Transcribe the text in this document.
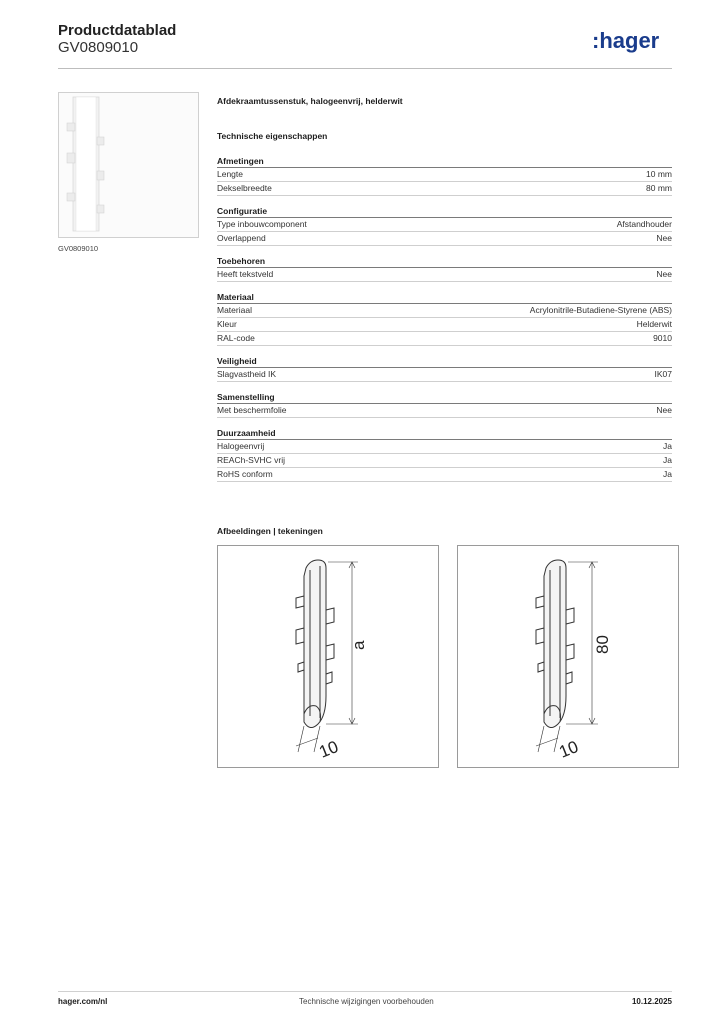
Productdatablad
GV0809010	:hager
GV0809010
Afdekraamtussenstuk, halogeenvrij, helderwit
Technische eigenschappen
Afmetingen
Lengte	10 mm
Dekselbreedte	80 mm
Configuratie
Type inbouwcomponent	Afstandhouder
Overlappend	Nee
Toebehoren
Heeft tekstveld	Nee
Materiaal
Materiaal	Acrylonitrile-Butadiene-Styrene (ABS)
Kleur	Helderwit
RAL-code	9010
Veiligheid
Slagvastheid IK	IK07
Samenstelling
Met beschermfolie	Nee
Duurzaamheid
Halogeenvrij	Ja
REACh-SVHC vrij	Ja
RoHS conform	Ja
Afbeeldingen | tekeningen
a
10
80
10
hager.com/nl	Technische wijzigingen voorbehouden	10.12.2025
